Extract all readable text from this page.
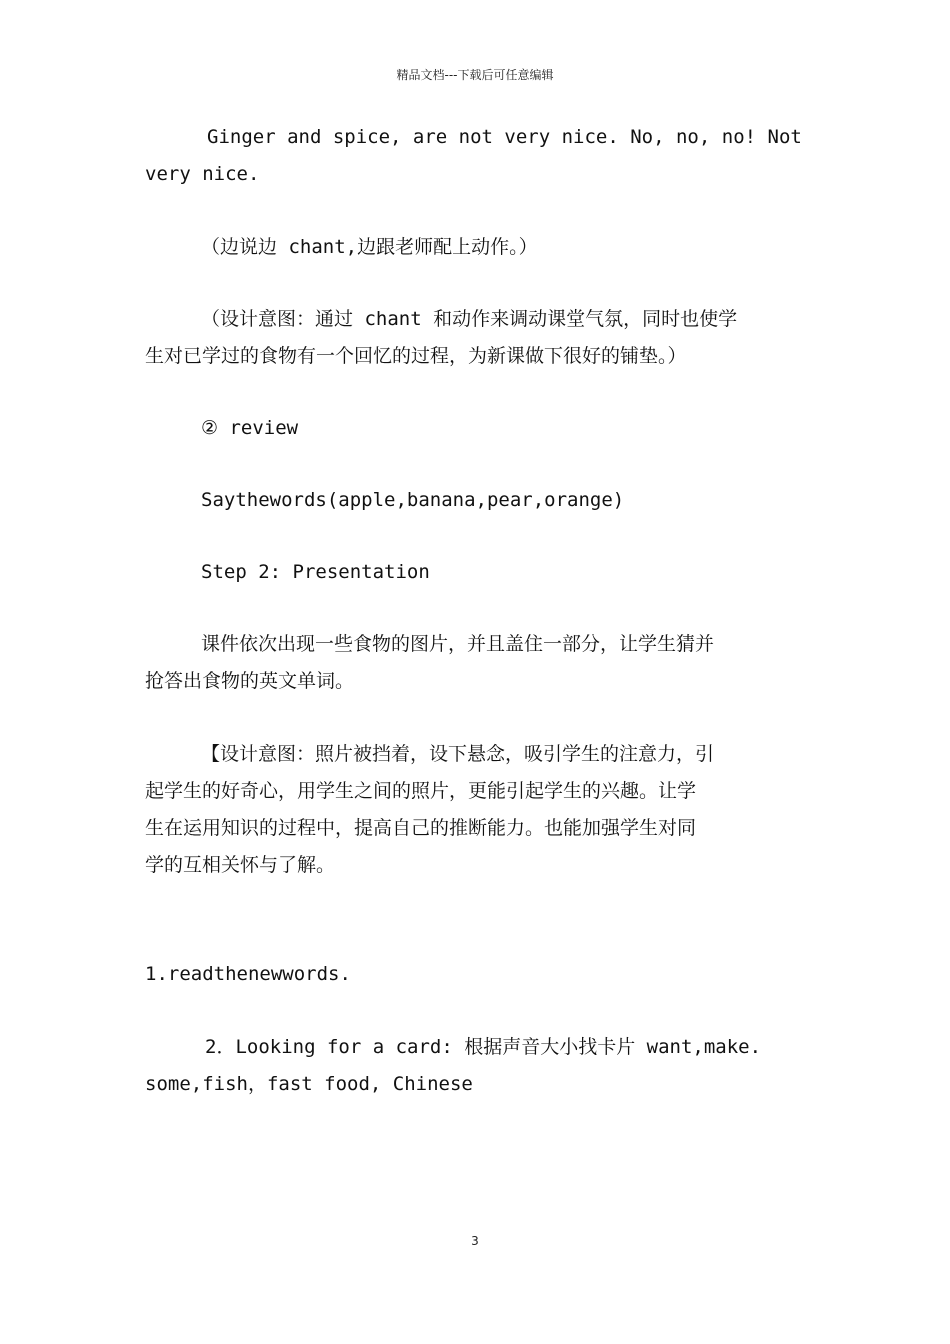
精品文档---下载后可任意编辑
Ginger and spice, are not very nice. No, no, no! Not
very nice.
（边说边 chant,边跟老师配上动作。）
（设计意图：通过 chant 和动作来调动课堂气氛，同时也使学
生对已学过的食物有一个回忆的过程，为新课做下很好的铺垫。）
② review
Saythewords(apple,banana,pear,orange)
Step 2: Presentation
课件依次出现一些食物的图片，并且盖住一部分，让学生猜并
抢答出食物的英文单词。
【设计意图：照片被挡着，设下悬念，吸引学生的注意力，引
起学生的好奇心，用学生之间的照片，更能引起学生的兴趣。让学
生在运用知识的过程中，提高自己的推断能力。也能加强学生对同
学的互相关怀与了解。
1.readthenewwords.
2．Looking for a card: 根据声音大小找卡片 want,make.
some,fish，fast food, Chinese
3
